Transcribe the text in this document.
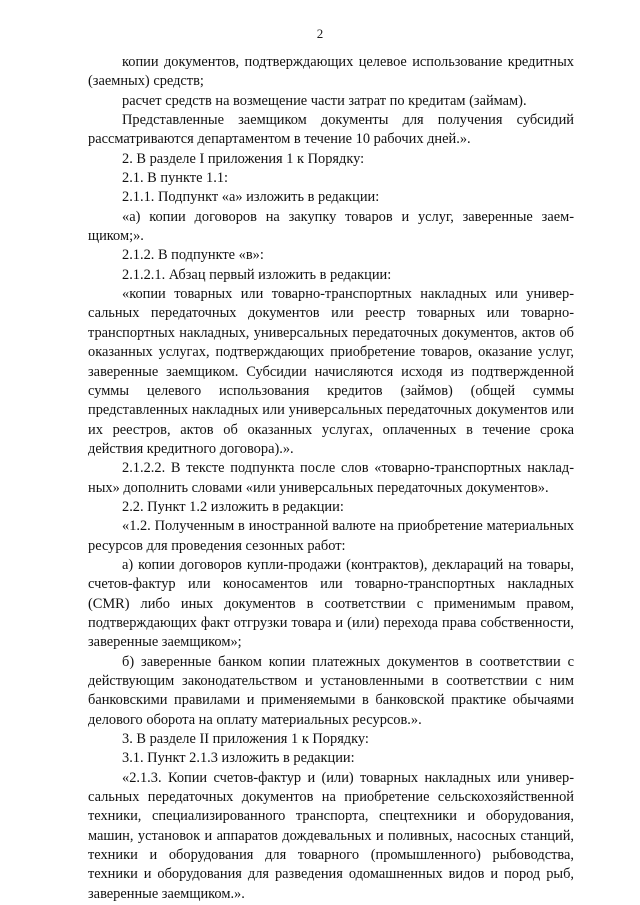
2

копии документов, подтверждающих целевое использование кредитных (заемных) средств;

расчет средств на возмещение части затрат по кредитам (займам).

Представленные заемщиком документы для получения субсидий рассматриваются департаментом в течение 10 рабочих дней.».

2. В разделе I приложения 1 к Порядку:

2.1. В пункте 1.1:

2.1.1. Подпункт «а» изложить в редакции:

«а) копии договоров на закупку товаров и услуг, заверенные заемщиком;».

2.1.2. В подпункте «в»:

2.1.2.1. Абзац первый изложить в редакции:

«копии товарных или товарно-транспортных накладных или универсальных передаточных документов или реестр товарных или товарно-транспортных накладных, универсальных передаточных документов, актов об оказанных услугах, подтверждающих приобретение товаров, оказание услуг, заверенные заемщиком. Субсидии начисляются исходя из подтвержденной суммы целевого использования кредитов (займов) (общей суммы представленных накладных или универсальных передаточных документов или их реестров, актов об оказанных услугах, оплаченных в течение срока действия кредитного договора).».

2.1.2.2. В тексте подпункта после слов «товарно-транспортных накладных» дополнить словами «или универсальных передаточных документов».

2.2. Пункт 1.2 изложить в редакции:

«1.2. Полученным в иностранной валюте на приобретение материальных ресурсов для проведения сезонных работ:

а) копии договоров купли-продажи (контрактов), деклараций на товары, счетов-фактур или коносаментов или товарно-транспортных накладных (CMR) либо иных документов в соответствии с применимым правом, подтверждающих факт отгрузки товара и (или) перехода права собственности, заверенные заемщиком»;

б) заверенные банком копии платежных документов в соответствии с действующим законодательством и установленными в соответствии с ним банковскими правилами и применяемыми в банковской практике обычаями делового оборота на оплату материальных ресурсов.».

3. В разделе II приложения 1 к Порядку:

3.1. Пункт 2.1.3 изложить в редакции:

«2.1.3. Копии счетов-фактур и (или) товарных накладных или универсальных передаточных документов на приобретение сельскохозяйственной техники, специализированного транспорта, спецтехники и оборудования, машин, установок и аппаратов дождевальных и поливных, насосных станций, техники и оборудования для товарного (промышленного) рыбоводства, техники и оборудования для разведения одомашненных видов и пород рыб, заверенные заемщиком.».
